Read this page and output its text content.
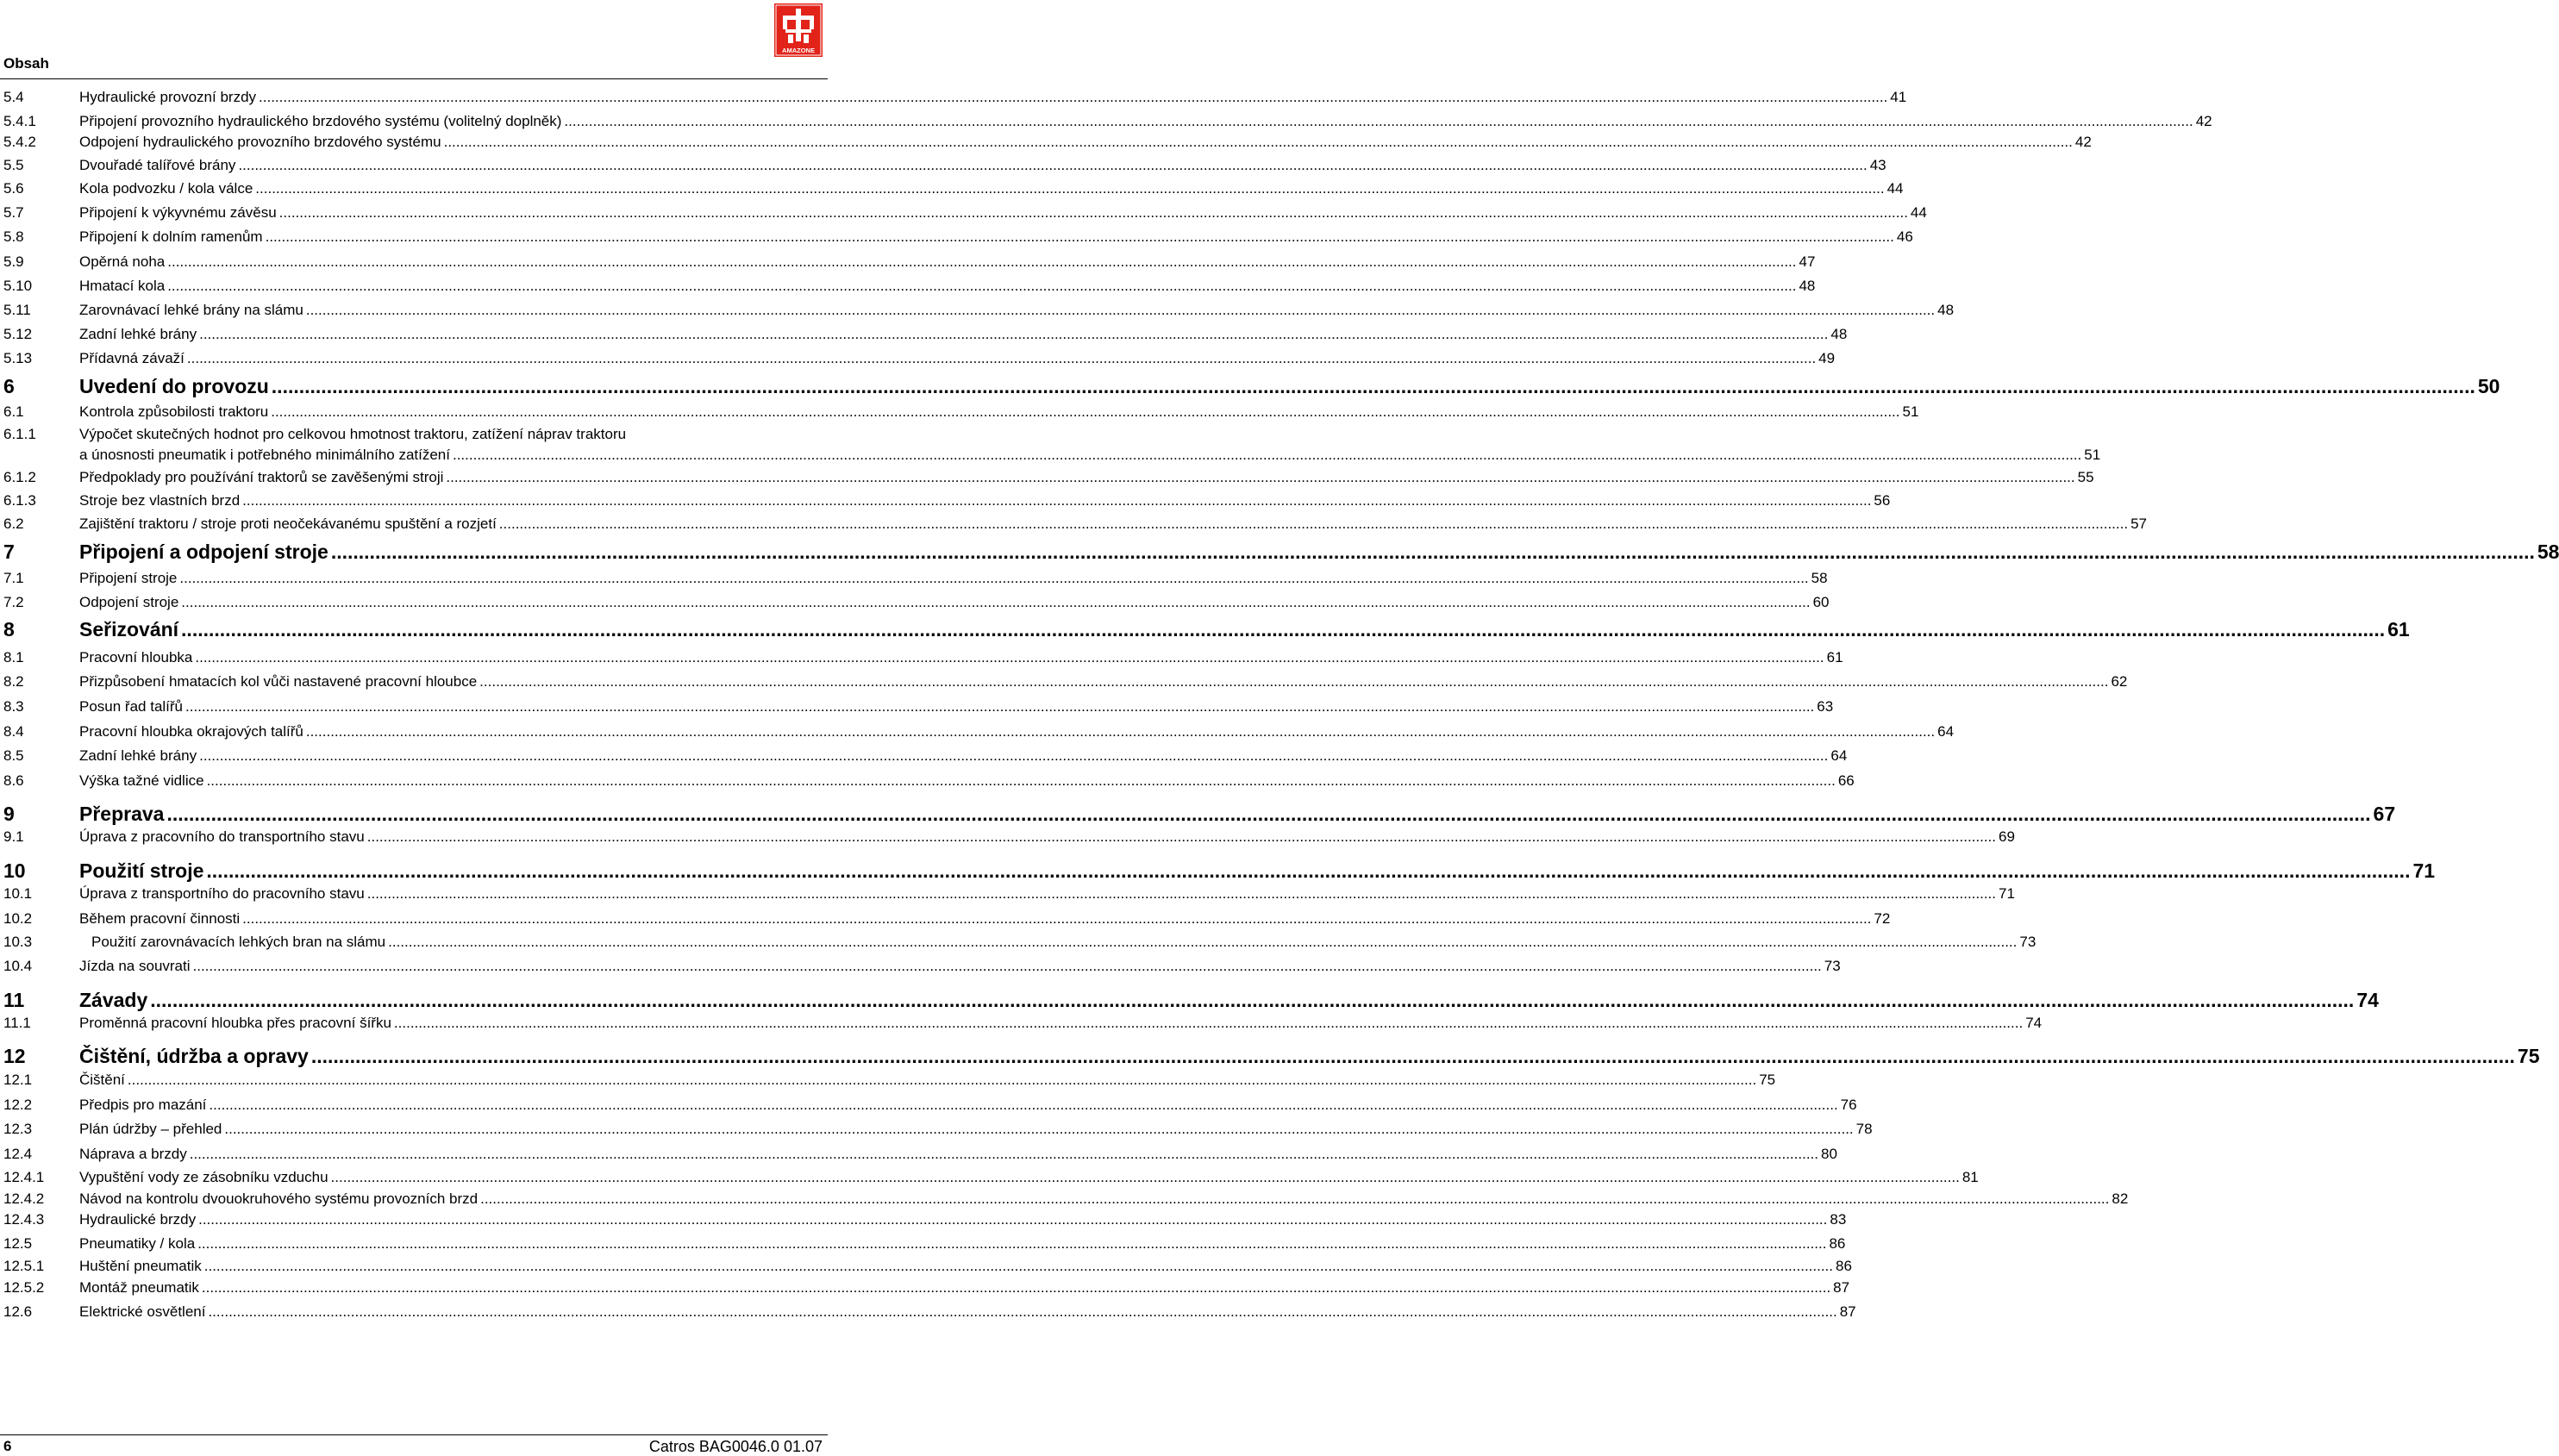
Obsah
AMAZONE
5.4	Hydraulické provozní brzdy ................................................................................................................................................................................................................................................................................................................................................................................................................ 41
5.4.1	Připojení provozního hydraulického brzdového systému (volitelný doplněk) ................................................................................................................................................................................................................................................................................................................................................................................................................ 42
5.4.2	Odpojení hydraulického provozního brzdového systému ................................................................................................................................................................................................................................................................................................................................................................................................................ 42
5.5	Dvouřadé talířové brány ................................................................................................................................................................................................................................................................................................................................................................................................................ 43
5.6	Kola podvozku / kola válce ................................................................................................................................................................................................................................................................................................................................................................................................................ 44
5.7	Připojení k výkyvnému závěsu ................................................................................................................................................................................................................................................................................................................................................................................................................ 44
5.8	Připojení k dolním ramenům ................................................................................................................................................................................................................................................................................................................................................................................................................ 46
5.9	Opěrná noha ................................................................................................................................................................................................................................................................................................................................................................................................................ 47
5.10	Hmatací kola ................................................................................................................................................................................................................................................................................................................................................................................................................ 48
5.11	Zarovnávací lehké brány na slámu ................................................................................................................................................................................................................................................................................................................................................................................................................ 48
5.12	Zadní lehké brány ................................................................................................................................................................................................................................................................................................................................................................................................................ 48
5.13	Přídavná závaží ................................................................................................................................................................................................................................................................................................................................................................................................................ 49
6	Uvedení do provozu ................................................................................................................................................................................................................................................................................................................................................................................................................ 50
6.1	Kontrola způsobilosti traktoru ................................................................................................................................................................................................................................................................................................................................................................................................................ 51
6.1.1	Výpočet skutečných hodnot pro celkovou hmotnost traktoru, zatížení náprav traktoru
a únosnosti pneumatik i potřebného minimálního zatížení ................................................................................................................................................................................................................................................................................................................................................................................................................ 51
6.1.2	Předpoklady pro používání traktorů se zavěšenými stroji ................................................................................................................................................................................................................................................................................................................................................................................................................ 55
6.1.3	Stroje bez vlastních brzd ................................................................................................................................................................................................................................................................................................................................................................................................................ 56
6.2	Zajištění traktoru / stroje proti neočekávanému spuštění a rozjetí ................................................................................................................................................................................................................................................................................................................................................................................................................ 57
7	Připojení a odpojení stroje ................................................................................................................................................................................................................................................................................................................................................................................................................ 58
7.1	Připojení stroje ................................................................................................................................................................................................................................................................................................................................................................................................................ 58
7.2	Odpojení stroje ................................................................................................................................................................................................................................................................................................................................................................................................................ 60
8	Seřizování ................................................................................................................................................................................................................................................................................................................................................................................................................ 61
8.1	Pracovní hloubka ................................................................................................................................................................................................................................................................................................................................................................................................................ 61
8.2	Přizpůsobení hmatacích kol vůči nastavené pracovní hloubce ................................................................................................................................................................................................................................................................................................................................................................................................................ 62
8.3	Posun řad talířů ................................................................................................................................................................................................................................................................................................................................................................................................................ 63
8.4	Pracovní hloubka okrajových talířů ................................................................................................................................................................................................................................................................................................................................................................................................................ 64
8.5	Zadní lehké brány ................................................................................................................................................................................................................................................................................................................................................................................................................ 64
8.6	Výška tažné vidlice ................................................................................................................................................................................................................................................................................................................................................................................................................ 66
9	Přeprava ................................................................................................................................................................................................................................................................................................................................................................................................................ 67
9.1	Úprava z pracovního do transportního stavu ................................................................................................................................................................................................................................................................................................................................................................................................................ 69
10	Použití stroje ................................................................................................................................................................................................................................................................................................................................................................................................................ 71
10.1	Úprava z transportního do pracovního stavu ................................................................................................................................................................................................................................................................................................................................................................................................................ 71
10.2	Během pracovní činnosti ................................................................................................................................................................................................................................................................................................................................................................................................................ 72
10.3	Použití zarovnávacích lehkých bran na slámu ................................................................................................................................................................................................................................................................................................................................................................................................................ 73
10.4	Jízda na souvrati ................................................................................................................................................................................................................................................................................................................................................................................................................ 73
11	Závady ................................................................................................................................................................................................................................................................................................................................................................................................................ 74
11.1	Proměnná pracovní hloubka přes pracovní šířku ................................................................................................................................................................................................................................................................................................................................................................................................................ 74
12	Čištění, údržba a opravy ................................................................................................................................................................................................................................................................................................................................................................................................................ 75
12.1	Čištění ................................................................................................................................................................................................................................................................................................................................................................................................................ 75
12.2	Předpis pro mazání ................................................................................................................................................................................................................................................................................................................................................................................................................ 76
12.3	Plán údržby – přehled ................................................................................................................................................................................................................................................................................................................................................................................................................ 78
12.4	Náprava a brzdy ................................................................................................................................................................................................................................................................................................................................................................................................................ 80
12.4.1 Vypuštění vody ze zásobníku vzduchu ................................................................................................................................................................................................................................................................................................................................................................................................................ 81
12.4.2 Návod na kontrolu dvouokruhového systému provozních brzd ................................................................................................................................................................................................................................................................................................................................................................................................................ 82
12.4.3 Hydraulické brzdy ................................................................................................................................................................................................................................................................................................................................................................................................................ 83
12.5	Pneumatiky / kola ................................................................................................................................................................................................................................................................................................................................................................................................................ 86
12.5.1 Huštění pneumatik ................................................................................................................................................................................................................................................................................................................................................................................................................ 86
12.5.2 Montáž pneumatik ................................................................................................................................................................................................................................................................................................................................................................................................................ 87
12.6	Elektrické osvětlení ................................................................................................................................................................................................................................................................................................................................................................................................................ 87
6	Catros BAG0046.0 01.07
